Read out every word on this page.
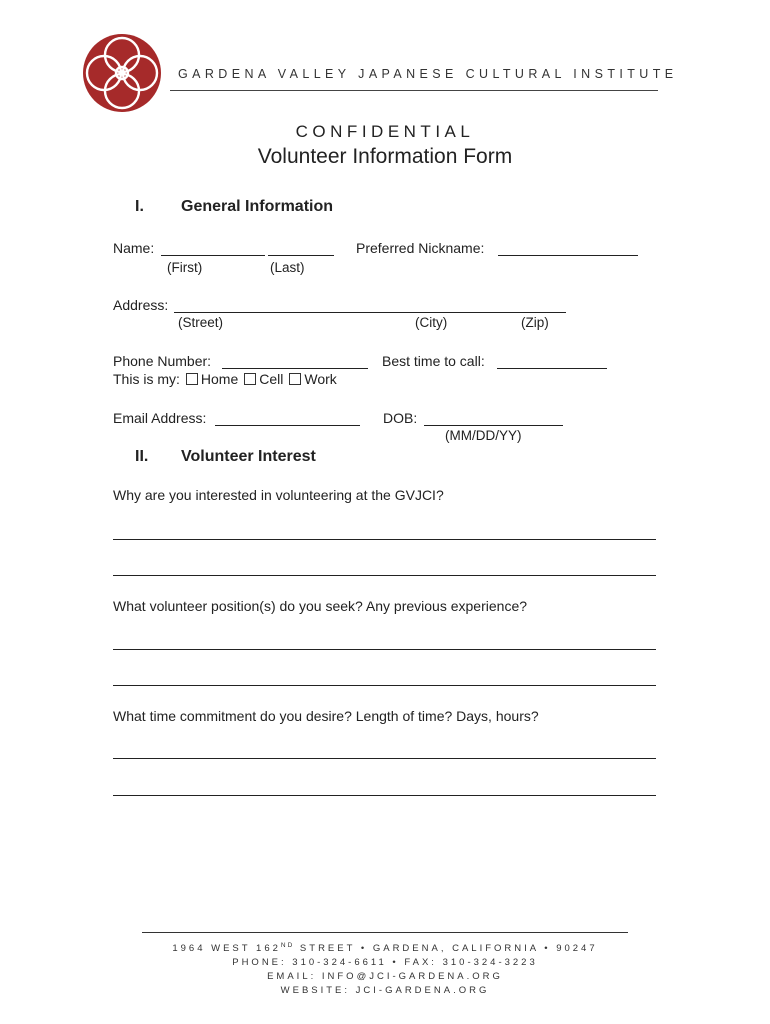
GARDENA VALLEY JAPANESE CULTURAL INSTITUTE
CONFIDENTIAL
Volunteer Information Form
I. General Information
Name:
(First)	(Last)
Preferred Nickname:
Address:
(Street)	(City)	(Zip)
Phone Number:	Best time to call:
This is my: Home Cell Work
Email Address:	DOB:
(MM/DD/YY)
II. Volunteer Interest
Why are you interested in volunteering at the GVJCI?
What volunteer position(s) do you seek? Any previous experience?
What time commitment do you desire? Length of time? Days, hours?
1964 WEST 162ND STREET • GARDENA, CALIFORNIA • 90247
PHONE: 310-324-6611 • FAX: 310-324-3223
EMAIL: INFO@JCI-GARDENA.ORG
WEBSITE: JCI-GARDENA.ORG
